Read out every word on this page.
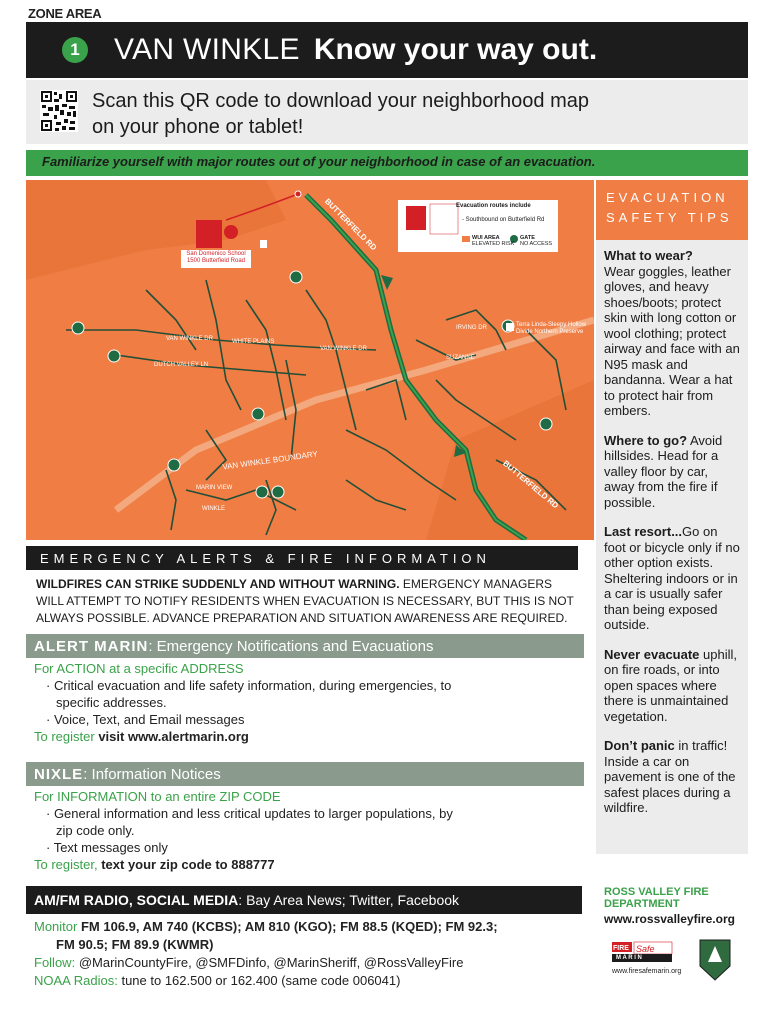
ZONE AREA
1 VAN WINKLE Know your way out.
Scan this QR code to download your neighborhood map
on your phone or tablet!
Familiarize yourself with major routes out of your neighborhood in case of an evacuation.
San Domenico School
1500 Butterfield Road
Evacuation routes include
- Southbound on Butterfield Rd
WUI AREA
ELEVATED RISK
GATE
NO ACCESS
Terra Linda-Sleepy Hollow Divide Northern Preserve
BUTTERFIELD RD
VAN WINKLE DR
VAN WINKLE BOUNDARY
DUTCH VALLEY LN
WHITE PLAINS
VAN WINKLE DR
IRVING DR
SUZANNE
BUTTERFIELD RD
MARIN VIEW
WINKLE
EVACUATION SAFETY TIPS
What to wear?
Wear goggles, leather gloves, and heavy shoes/boots; protect skin with long cotton or wool clothing; protect airway and face with an N95 mask and bandanna. Wear a hat to protect hair from embers.
Where to go? Avoid hillsides. Head for a valley floor by car, away from the fire if possible.
Last resort...Go on foot or bicycle only if no other option exists. Sheltering indoors or in a car is usually safer than being exposed outside.
Never evacuate uphill, on fire roads, or into open spaces where there is unmaintained vegetation.
Don’t panic in traffic! Inside a car on pavement is one of the safest places during a wildfire.
EMERGENCY ALERTS & FIRE INFORMATION
WILDFIRES CAN STRIKE SUDDENLY AND WITHOUT WARNING. EMERGENCY MANAGERS WILL ATTEMPT TO NOTIFY RESIDENTS WHEN EVACUATION IS NECESSARY, BUT THIS IS NOT ALWAYS POSSIBLE. ADVANCE PREPARATION AND SITUATION AWARENESS ARE REQUIRED.
ALERT MARIN: Emergency Notifications and Evacuations
For ACTION at a specific ADDRESS
· Critical evacuation and life safety information, during emergencies, to
specific addresses.
· Voice, Text, and Email messages
To register visit www.alertmarin.org
NIXLE: Information Notices
For INFORMATION to an entire ZIP CODE
· General information and less critical updates to larger populations, by
zip code only.
· Text messages only
To register, text your zip code to 888777
AM/FM RADIO, SOCIAL MEDIA: Bay Area News; Twitter, Facebook
Monitor FM 106.9, AM 740 (KCBS); AM 810 (KGO); FM 88.5 (KQED); FM 92.3;
FM 90.5; FM 89.9 (KWMR)
Follow: @MarinCountyFire, @SMFDinfo, @MarinSheriff, @RossValleyFire
NOAA Radios: tune to 162.500 or 162.400 (same code 006041)
ROSS VALLEY FIRE DEPARTMENT
www.rossvalleyfire.org
FIRE Safe
M A R I N
www.firesafemarin.org
